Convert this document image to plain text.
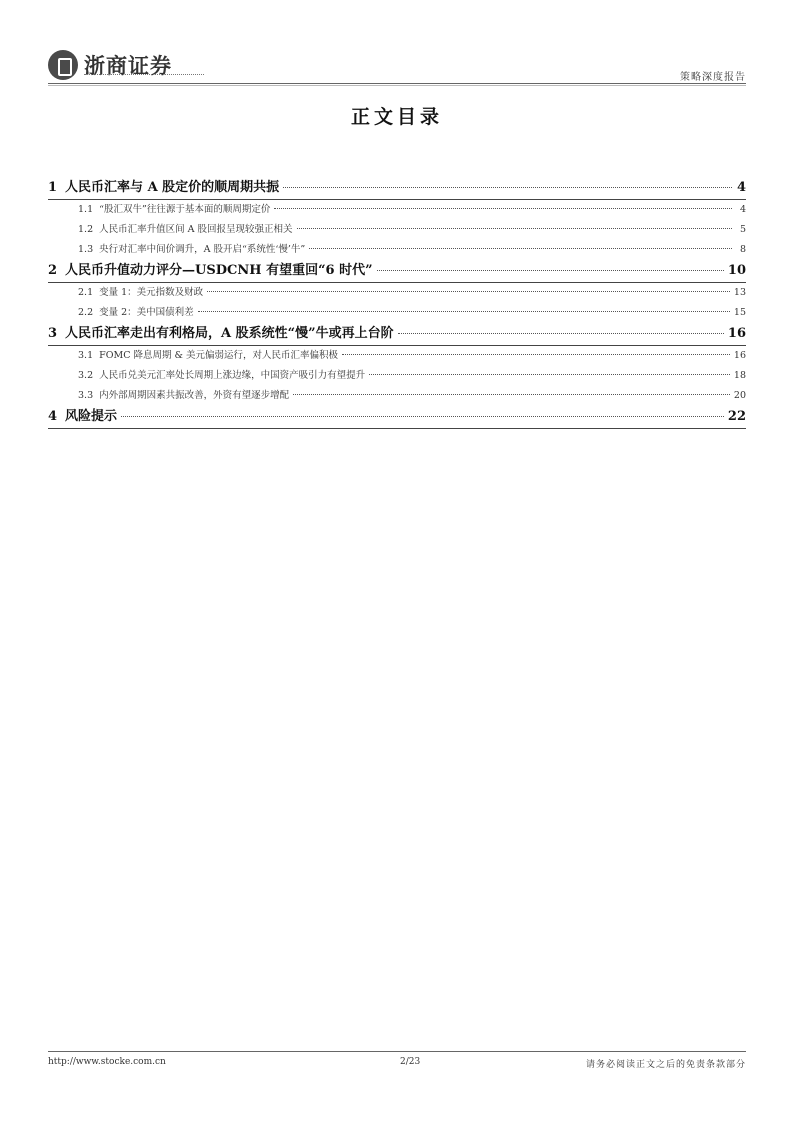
浙商证券	策略深度报告
正文目录
1 人民币汇率与 A 股定价的顺周期共振	4
1.1 “股汇双牛”往往源于基本面的顺周期定价	4
1.2 人民币汇率升值区间 A 股回报呈现较强正相关	5
1.3 央行对汇率中间价调升，A 股开启“系统性‘慢’牛”	8
2 人民币升值动力评分—USDCNH 有望重回“6 时代”	10
2.1 变量 1：美元指数及财政	13
2.2 变量 2：美中国债利差	15
3 人民币汇率走出有利格局，A 股系统性“慢”牛或再上台阶	16
3.1 FOMC 降息周期 & 美元偏弱运行，对人民币汇率偏积极	16
3.2 人民币兑美元汇率处长周期上涨边缘，中国资产吸引力有望提升	18
3.3 内外部周期因素共振改善，外资有望逐步增配	20
4 风险提示	22
http://www.stocke.com.cn	2/23	请务必阅读正文之后的免责条款部分
